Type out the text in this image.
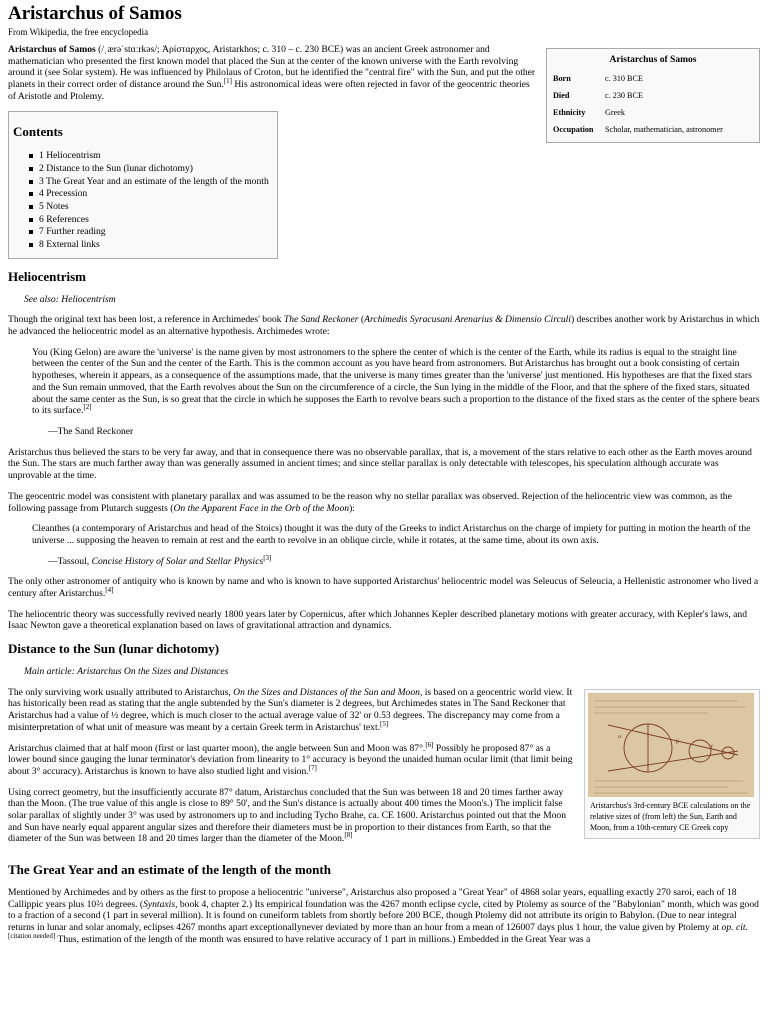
Aristarchus of Samos
From Wikipedia, the free encyclopedia
Aristarchus of Samos
Born	c. 310 BCE
Died	c. 230 BCE
Ethnicity	Greek
Occupation	Scholar, mathematician, astronomer

Aristarchus of Samos (/ˌærəˈstɑːrkəs/; Ἀρίσταρχος, Aristarkhos; c. 310 – c. 230 BCE) was an ancient Greek astronomer and mathematician who presented the first known model that placed the Sun at the center of the known universe with the Earth revolving around it (see Solar system). He was influenced by Philolaus of Croton, but he identified the "central fire" with the Sun, and put the other planets in their correct order of distance around the Sun.[1] His astronomical ideas were often rejected in favor of the geocentric theories of Aristotle and Ptolemy.

Contents
1 Heliocentrism
2 Distance to the Sun (lunar dichotomy)
3 The Great Year and an estimate of the length of the month
4 Precession
5 Notes
6 References
7 Further reading
8 External links
Heliocentrism
See also: Heliocentrism

Though the original text has been lost, a reference in Archimedes' book The Sand Reckoner (Archimedis Syracusani Arenarius & Dimensio Circuli) describes another work by Aristarchus in which he advanced the heliocentric model as an alternative hypothesis. Archimedes wrote:

You (King Gelon) are aware the 'universe' is the name given by most astronomers to the sphere the center of which is the center of the Earth, while its radius is equal to the straight line between the center of the Sun and the center of the Earth. This is the common account as you have heard from astronomers. But Aristarchus has brought out a book consisting of certain hypotheses, wherein it appears, as a consequence of the assumptions made, that the universe is many times greater than the 'universe' just mentioned. His hypotheses are that the fixed stars and the Sun remain unmoved, that the Earth revolves about the Sun on the circumference of a circle, the Sun lying in the middle of the Floor, and that the sphere of the fixed stars, situated about the same center as the Sun, is so great that the circle in which he supposes the Earth to revolve bears such a proportion to the distance of the fixed stars as the center of the sphere bears to its surface.[2]
—The Sand Reckoner

Aristarchus thus believed the stars to be very far away, and that in consequence there was no observable parallax, that is, a movement of the stars relative to each other as the Earth moves around the Sun. The stars are much farther away than was generally assumed in ancient times; and since stellar parallax is only detectable with telescopes, his speculation although accurate was unprovable at the time.

The geocentric model was consistent with planetary parallax and was assumed to be the reason why no stellar parallax was observed. Rejection of the heliocentric view was common, as the following passage from Plutarch suggests (On the Apparent Face in the Orb of the Moon):

Cleanthes (a contemporary of Aristarchus and head of the Stoics) thought it was the duty of the Greeks to indict Aristarchus on the charge of impiety for putting in motion the hearth of the universe ... supposing the heaven to remain at rest and the earth to revolve in an oblique circle, while it rotates, at the same time, about its own axis.
—Tassoul, Concise History of Solar and Stellar Physics[3]

The only other astronomer of antiquity who is known by name and who is known to have supported Aristarchus' heliocentric model was Seleucus of Seleucia, a Hellenistic astronomer who lived a century after Aristarchus.[4]

The heliocentric theory was successfully revived nearly 1800 years later by Copernicus, after which Johannes Kepler described planetary motions with greater accuracy, with Kepler's laws, and Isaac Newton gave a theoretical explanation based on laws of gravitational attraction and dynamics.

Distance to the Sun (lunar dichotomy)
Main article: Aristarchus On the Sizes and Distances
α
β
γ
Aristarchus's 3rd-century BCE calculations on the relative sizes of (from left) the Sun, Earth and Moon, from a 10th-century CE Greek copy

The only surviving work usually attributed to Aristarchus, On the Sizes and Distances of the Sun and Moon, is based on a geocentric world view. It has historically been read as stating that the angle subtended by the Sun's diameter is 2 degrees, but Archimedes states in The Sand Reckoner that Aristarchus had a value of ½ degree, which is much closer to the actual average value of 32' or 0.53 degrees. The discrepancy may come from a misinterpretation of what unit of measure was meant by a certain Greek term in Aristarchus' text.[5]

Aristarchus claimed that at half moon (first or last quarter moon), the angle between Sun and Moon was 87°.[6] Possibly he proposed 87° as a lower bound since gauging the lunar terminator's deviation from linearity to 1° accuracy is beyond the unaided human ocular limit (that limit being about 3° accuracy). Aristarchus is known to have also studied light and vision.[7]

Using correct geometry, but the insufficiently accurate 87° datum, Aristarchus concluded that the Sun was between 18 and 20 times farther away than the Moon. (The true value of this angle is close to 89° 50', and the Sun's distance is actually about 400 times the Moon's.) The implicit false solar parallax of slightly under 3° was used by astronomers up to and including Tycho Brahe, ca. CE 1600. Aristarchus pointed out that the Moon and Sun have nearly equal apparent angular sizes and therefore their diameters must be in proportion to their distances from Earth, so that the diameter of the Sun was between 18 and 20 times larger than the diameter of the Moon.[8]

The Great Year and an estimate of the length of the month

Mentioned by Archimedes and by others as the first to propose a heliocentric "universe", Aristarchus also proposed a "Great Year" of 4868 solar years, equalling exactly 270 saroi, each of 18 Callippic years plus 10⅔ degrees. (Syntaxis, book 4, chapter 2.) Its empirical foundation was the 4267 month eclipse cycle, cited by Ptolemy as source of the "Babylonian" month, which was good to a fraction of a second (1 part in several million). It is found on cuneiform tablets from shortly before 200 BCE, though Ptolemy did not attribute its origin to Babylon. (Due to near integral returns in lunar and solar anomaly, eclipses 4267 months apart exceptionallynever deviated by more than an hour from a mean of 126007 days plus 1 hour, the value given by Ptolemy at op. cit.[citation needed] Thus, estimation of the length of the month was ensured to have relative accuracy of 1 part in millions.) Embedded in the Great Year was a
